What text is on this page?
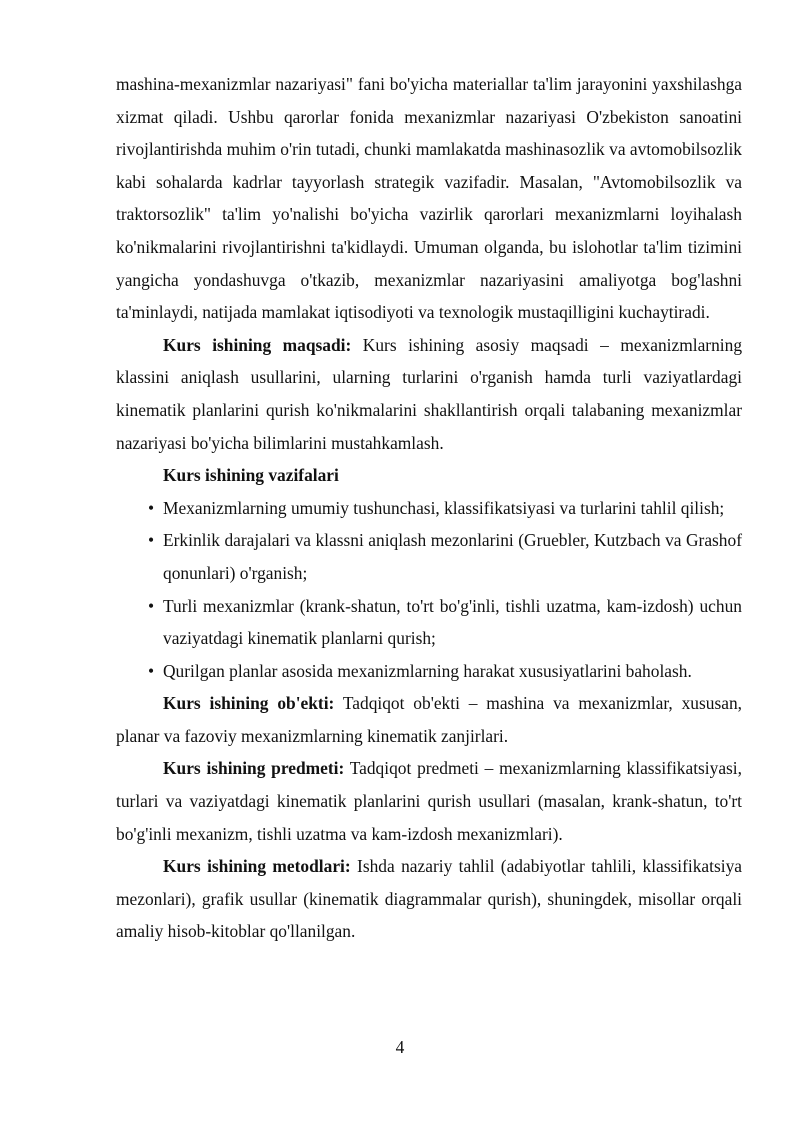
mashina-mexanizmlar nazariyasi" fani bo'yicha materiallar ta'lim jarayonini yaxshilashga xizmat qiladi. Ushbu qarorlar fonida mexanizmlar nazariyasi O'zbekiston sanoatini rivojlantirishda muhim o'rin tutadi, chunki mamlakatda mashinasozlik va avtomobilsozlik kabi sohalarda kadrlar tayyorlash strategik vazifadir. Masalan, "Avtomobilsozlik va traktorsozlik" ta'lim yo'nalishi bo'yicha vazirlik qarorlari mexanizmlarni loyihalash ko'nikmalarini rivojlantirishni ta'kidlaydi. Umuman olganda, bu islohotlar ta'lim tizimini yangicha yondashuvga o'tkazib, mexanizmlar nazariyasini amaliyotga bog'lashni ta'minlaydi, natijada mamlakat iqtisodiyoti va texnologik mustaqilligini kuchaytiradi.

Kurs ishining maqsadi: Kurs ishining asosiy maqsadi – mexanizmlarning klassini aniqlash usullarini, ularning turlarini o'rganish hamda turli vaziyatlardagi kinematik planlarini qurish ko'nikmalarini shakllantirish orqali talabaning mexanizmlar nazariyasi bo'yicha bilimlarini mustahkamlash.

Kurs ishining vazifalari

• Mexanizmlarning umumiy tushunchasi, klassifikatsiyasi va turlarini tahlil qilish;
• Erkinlik darajalari va klassni aniqlash mezonlarini (Gruebler, Kutzbach va Grashof qonunlari) o'rganish;
• Turli mexanizmlar (krank-shatun, to'rt bo'g'inli, tishli uzatma, kam-izdosh) uchun vaziyatdagi kinematik planlarni qurish;
• Qurilgan planlar asosida mexanizmlarning harakat xususiyatlarini baholash.

Kurs ishining ob'ekti: Tadqiqot ob'ekti – mashina va mexanizmlar, xususan, planar va fazoviy mexanizmlarning kinematik zanjirlari.

Kurs ishining predmeti: Tadqiqot predmeti – mexanizmlarning klassifikatsiyasi, turlari va vaziyatdagi kinematik planlarini qurish usullari (masalan, krank-shatun, to'rt bo'g'inli mexanizm, tishli uzatma va kam-izdosh mexanizmlari).

Kurs ishining metodlari: Ishda nazariy tahlil (adabiyotlar tahlili, klassifikatsiya mezonlari), grafik usullar (kinematik diagrammalar qurish), shuningdek, misollar orqali amaliy hisob-kitoblar qo'llanilgan.

4
